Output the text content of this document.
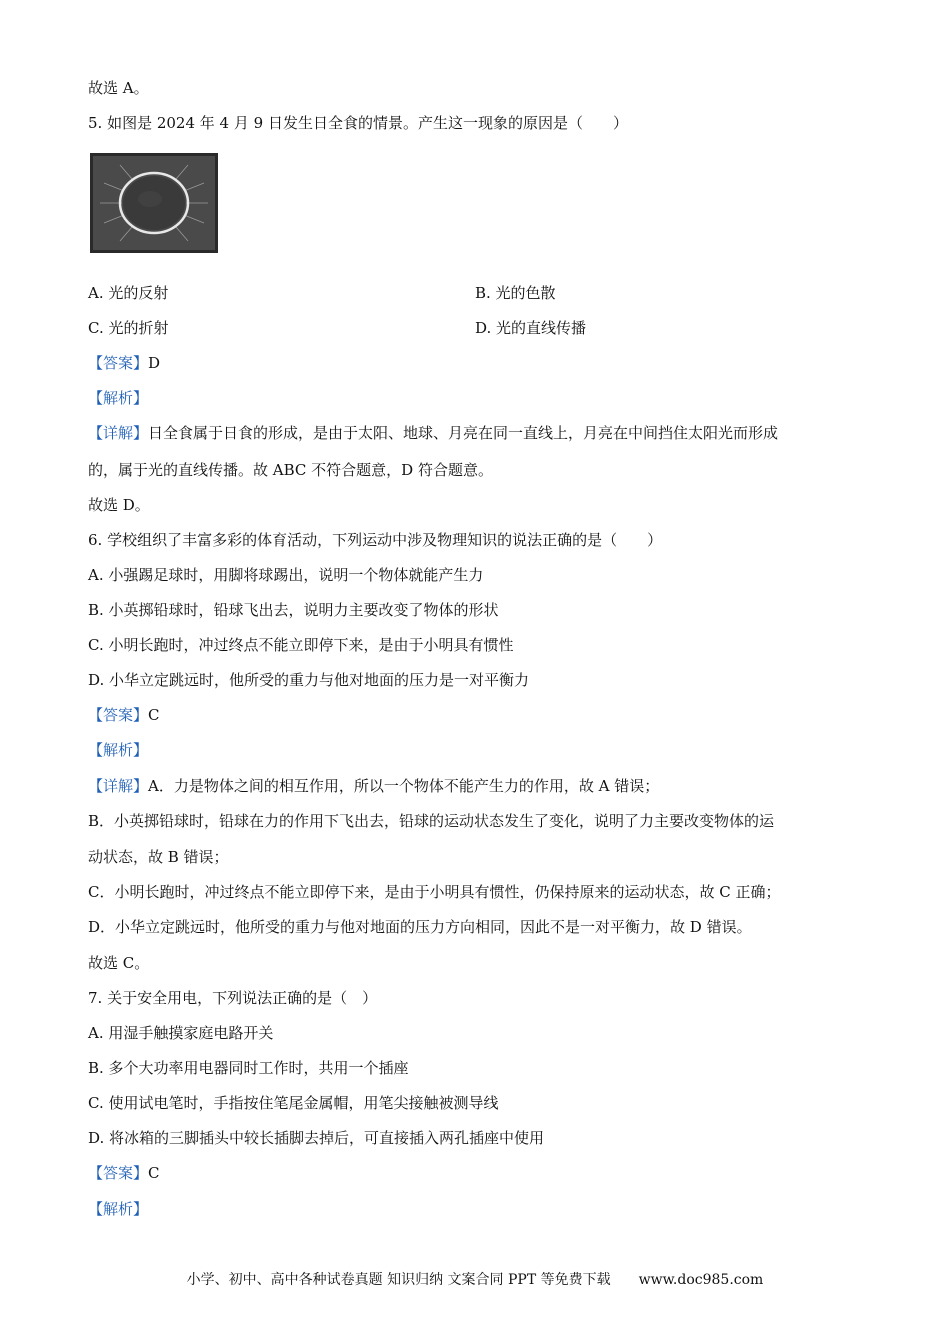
故选 A。
5. 如图是 2024 年 4 月 9 日发生日全食的情景。产生这一现象的原因是（　　）
A. 光的反射	B. 光的色散
C. 光的折射	D. 光的直线传播
【答案】D
【解析】
【详解】日全食属于日食的形成，是由于太阳、地球、月亮在同一直线上，月亮在中间挡住太阳光而形成
的，属于光的直线传播。故 ABC 不符合题意，D 符合题意。
故选 D。
6. 学校组织了丰富多彩的体育活动，下列运动中涉及物理知识的说法正确的是（　　）
A. 小强踢足球时，用脚将球踢出，说明一个物体就能产生力
B. 小英掷铅球时，铅球飞出去，说明力主要改变了物体的形状
C. 小明长跑时，冲过终点不能立即停下来，是由于小明具有惯性
D. 小华立定跳远时，他所受的重力与他对地面的压力是一对平衡力
【答案】C
【解析】
【详解】A．力是物体之间的相互作用，所以一个物体不能产生力的作用，故 A 错误；
B．小英掷铅球时，铅球在力的作用下飞出去，铅球的运动状态发生了变化，说明了力主要改变物体的运
动状态，故 B 错误；
C．小明长跑时，冲过终点不能立即停下来，是由于小明具有惯性，仍保持原来的运动状态，故 C 正确；
D．小华立定跳远时，他所受的重力与他对地面的压力方向相同，因此不是一对平衡力，故 D 错误。
故选 C。
7. 关于安全用电，下列说法正确的是（　）
A. 用湿手触摸家庭电路开关
B. 多个大功率用电器同时工作时，共用一个插座
C. 使用试电笔时，手指按住笔尾金属帽，用笔尖接触被测导线
D. 将冰箱的三脚插头中较长插脚去掉后，可直接插入两孔插座中使用
【答案】C
【解析】
小学、初中、高中各种试卷真题 知识归纳 文案合同 PPT 等免费下载　　www.doc985.com
